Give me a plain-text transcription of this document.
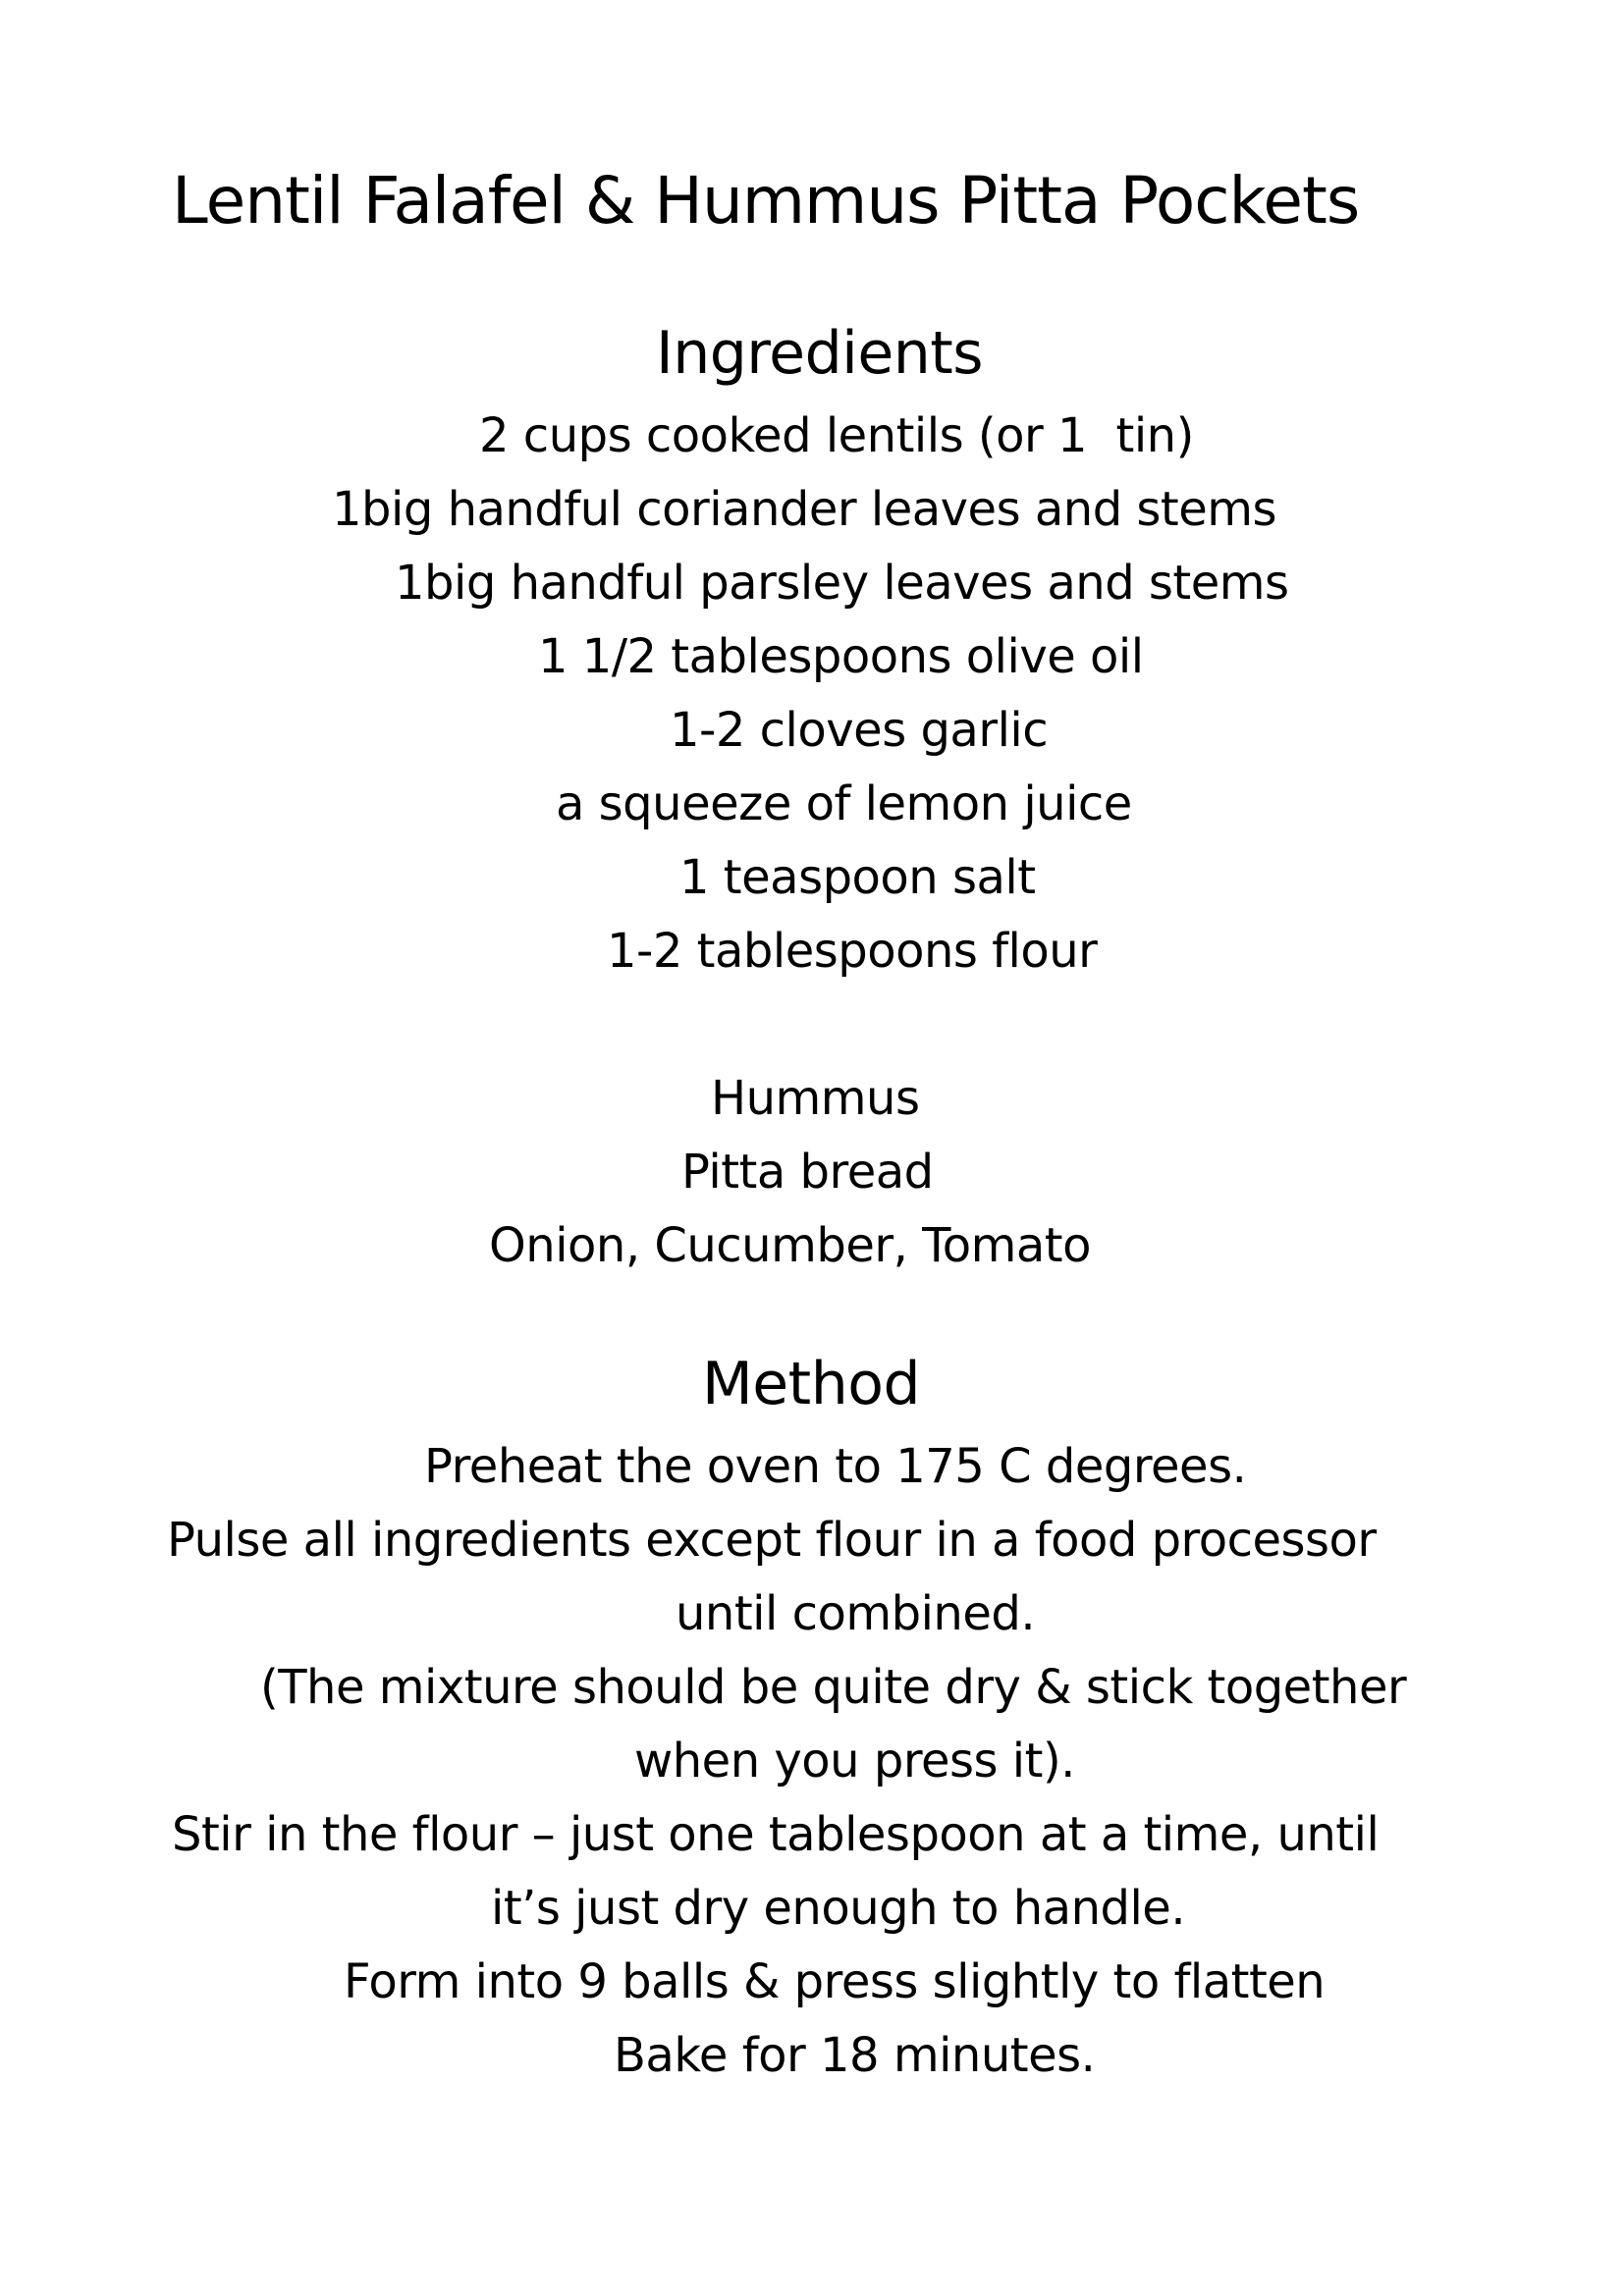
Lentil Falafel & Hummus Pitta Pockets
Ingredients
2 cups cooked lentils (or 1  tin)
1big handful coriander leaves and stems
1big handful parsley leaves and stems
1 1/2 tablespoons olive oil
1-2 cloves garlic
a squeeze of lemon juice
1 teaspoon salt
1-2 tablespoons flour
Hummus
Pitta bread
Onion, Cucumber, Tomato
Method
Preheat the oven to 175 C degrees.
Pulse all ingredients except flour in a food processor
until combined.
(The mixture should be quite dry & stick together
when you press it).
Stir in the flour – just one tablespoon at a time, until
it’s just dry enough to handle.
Form into 9 balls & press slightly to flatten
Bake for 18 minutes.
